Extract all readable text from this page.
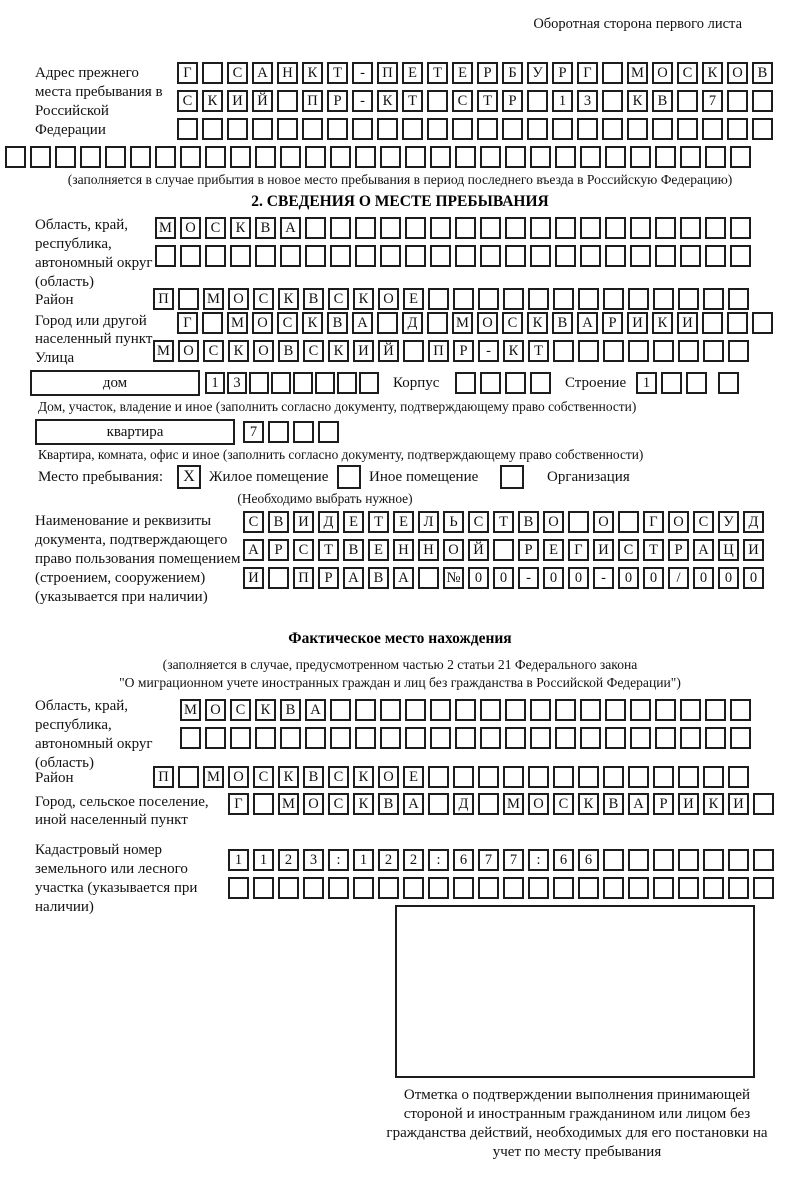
Оборотная сторона первого листа
Адрес прежнего места пребывания в Российской Федерации
Г	С	А	Н	К	Т	-	П	Е	Т	Е	Р	Б	У	Р	Г	М О	С	К	О	В
С	К	И	Й	П	Р	-	К	Т	С	Т	Р	1	3	К	В	7
(заполняется в случае прибытия в новое место пребывания в период последнего въезда в Российскую Федерацию)
2. СВЕДЕНИЯ О МЕСТЕ ПРЕБЫВАНИЯ
Область, край, республика, автономный округ (область)
М О	С	К	В	А
Район	П	М О	С	К	В	С	К	О	Е
Город или другой населенный пункт
Г	М О	С	К	В	А	Д	М О	С	К	В	А	Р	И	К	И
Улица	М О	С	К	О	В	С	К	И	Й	П	Р	-	К	Т
дом	1	3	Корпус	Строение	1
Дом, участок, владение и иное (заполнить согласно документу, подтверждающему право собственности)
квартира	7
Квартира, комната, офис и иное (заполнить согласно документу, подтверждающему право собственности)
Место пребывания:	X Жилое помещение	Иное помещение	Организация
(Необходимо выбрать нужное)
Наименование и реквизиты документа, подтверждающего право пользования помещением (строением, сооружением) (указывается при наличии)
С	В	И	Д	Е	Т	Е	Л	Ь	С	Т	В	О	О	Г	О	С	У	Д
А	Р	С	Т	В	Е	Н	Н	О	Й	Р	Е	Г	И	С	Т	Р	А	Ц	И
И	П	Р	А	В	А	№ 0	0	-	0	0	-	0	0	/	0	0	0
Фактическое место нахождения
(заполняется в случае, предусмотренном частью 2 статьи 21 Федерального закона
"О миграционном учете иностранных граждан и лиц без гражданства в Российской Федерации")
Область, край, республика, автономный округ (область)
М О	С	К	В	А
Район	П	М О	С	К	В	С	К	О	Е
Город, сельское поселение, иной населенный пункт
Г	М О	С	К	В	А	Д	М О	С	К	В	А	Р	И	К	И
Кадастровый номер земельного или лесного участка (указывается при наличии)
1	1	2	3	:	1	2	2	:	6	7	7	:	6	6
Отметка о подтверждении выполнения принимающей стороной и иностранным гражданином или лицом без гражданства действий, необходимых для его постановки на учет по месту пребывания
